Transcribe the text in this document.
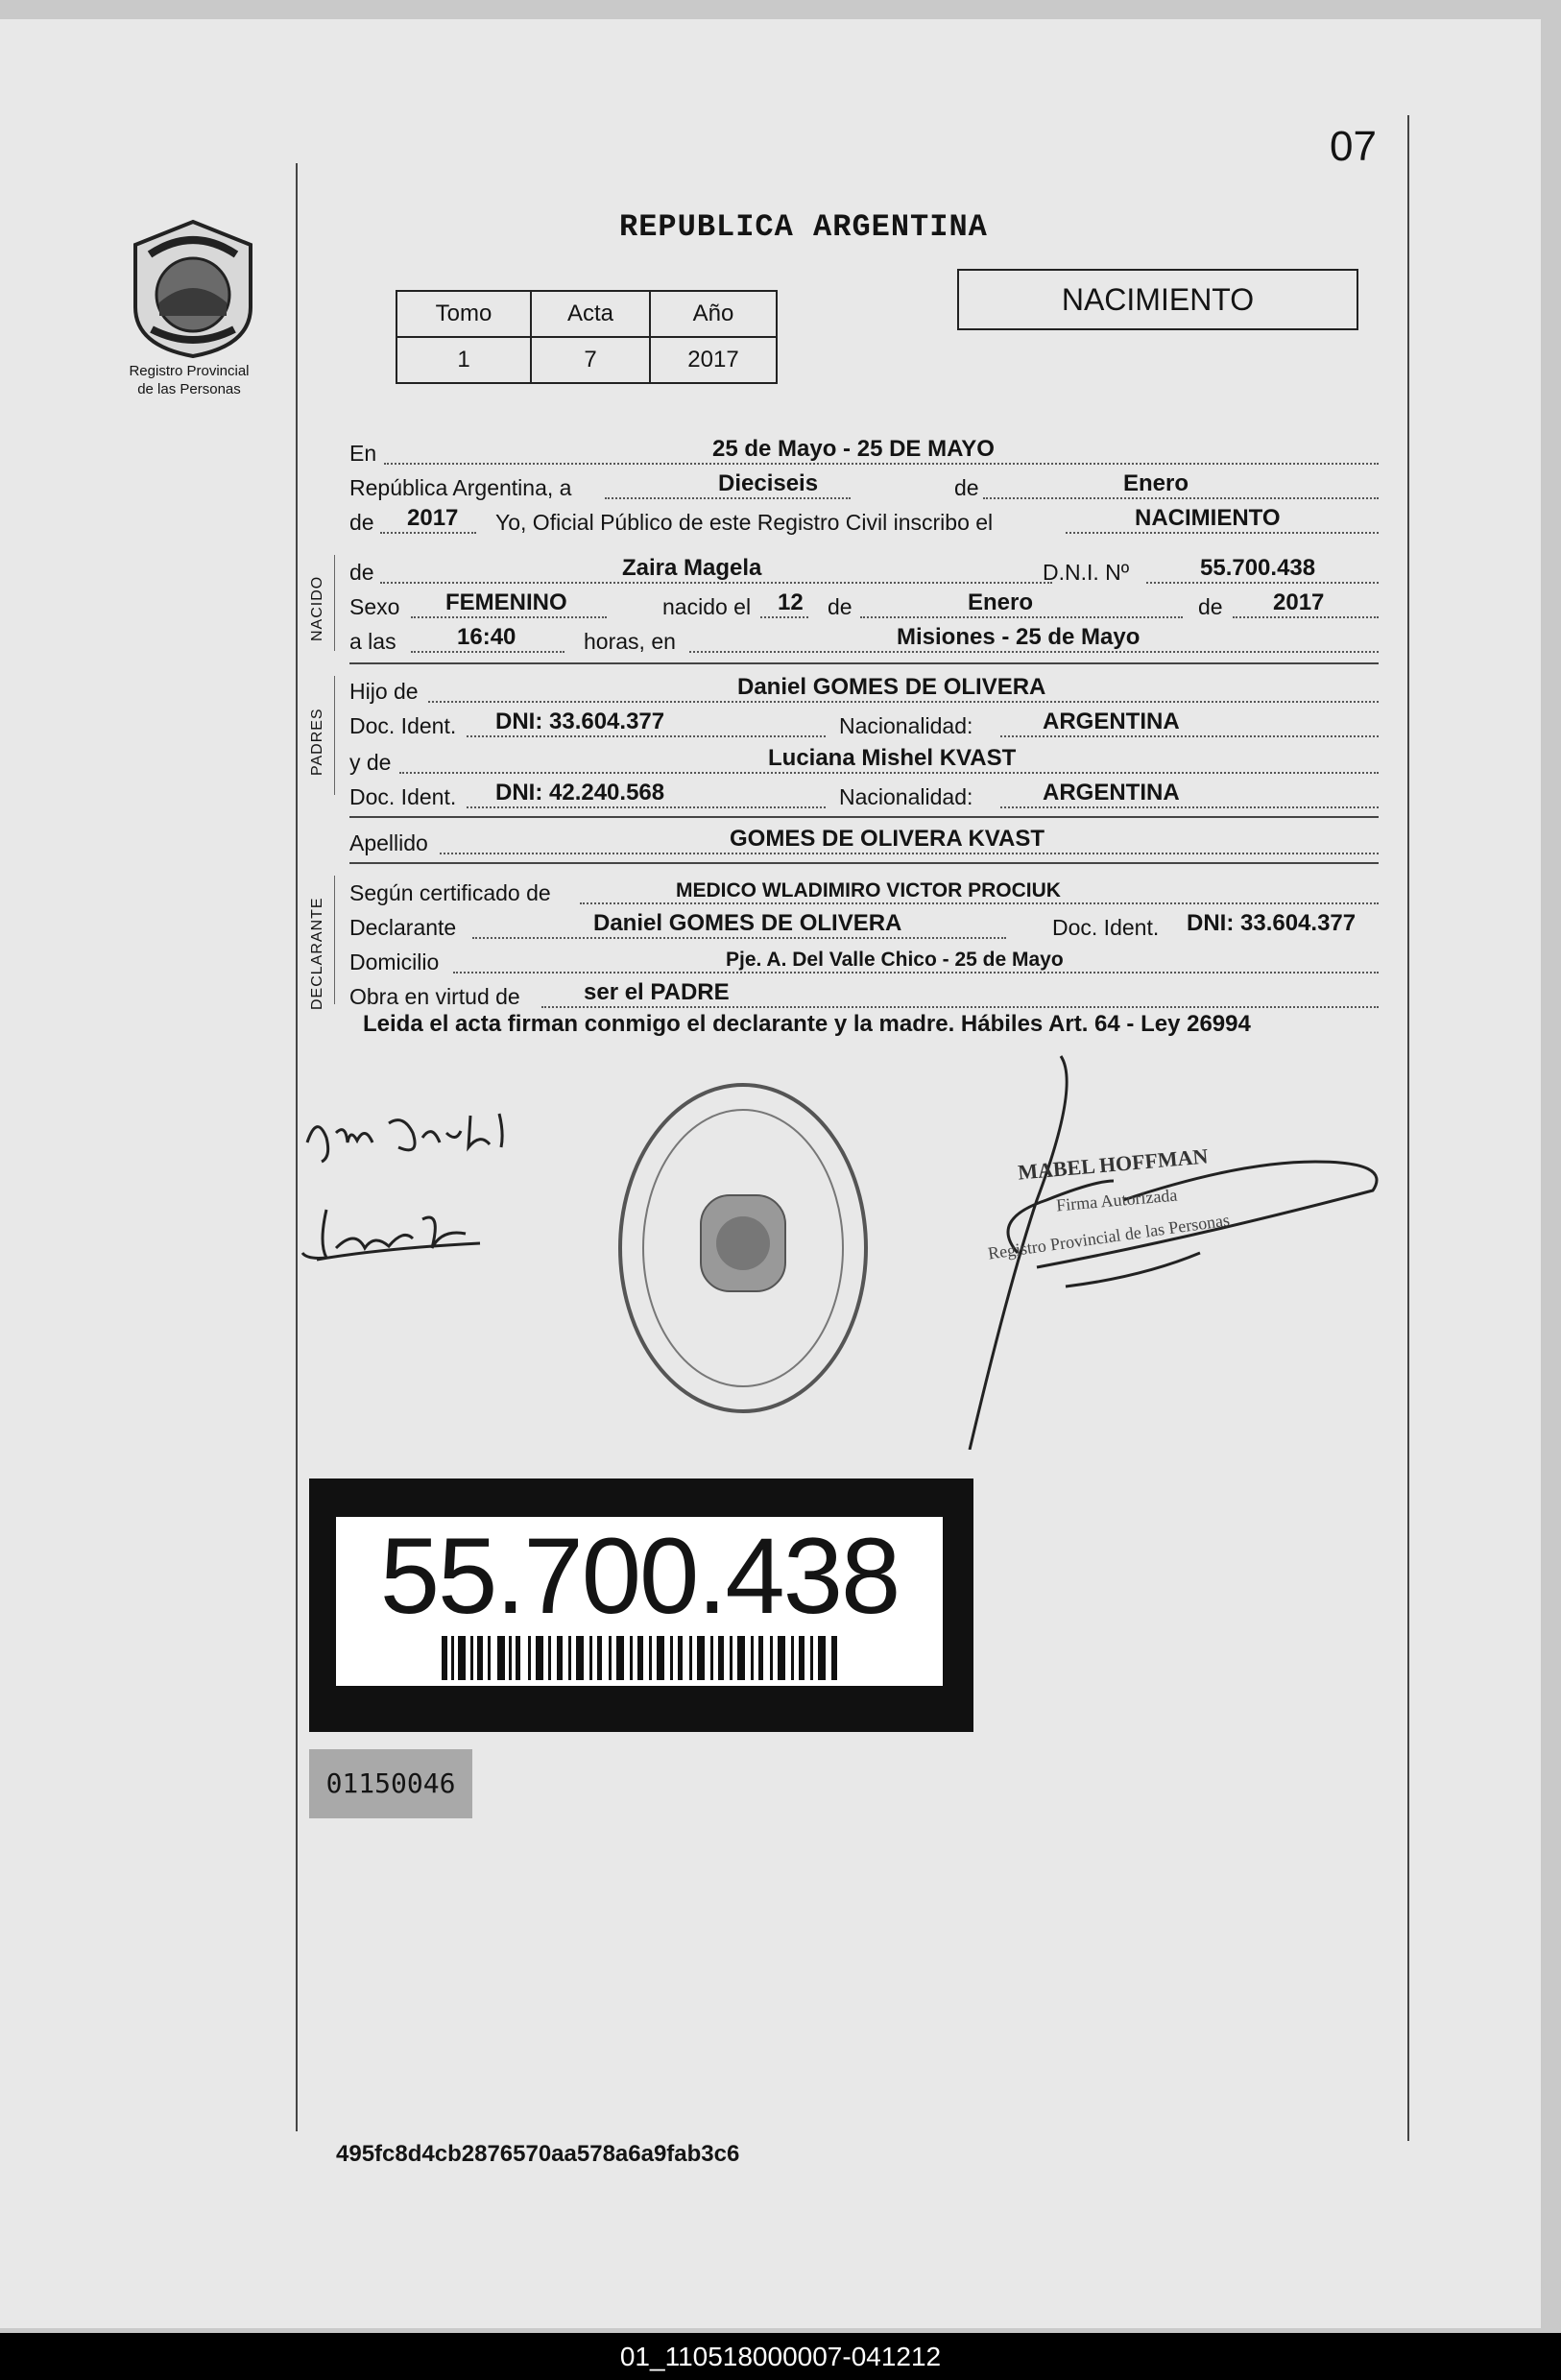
07
Registro Provincial
de las Personas
REPUBLICA ARGENTINA
Tomo	Acta	Año
1	7	2017
NACIMIENTO
En	25 de Mayo - 25 DE MAYO
República Argentina, a	Dieciseis	de	Enero
de 2017 Yo, Oficial Público de este Registro Civil inscribo el	NACIMIENTO
NACIDO
de	Zaira Magela	D.N.I. Nº	55.700.438
Sexo FEMENINO	nacido el 12 de	Enero	de 2017
a las	16:40	horas, en	Misiones - 25 de Mayo
PADRES
Hijo de	Daniel GOMES DE OLIVERA
Doc. Ident. DNI: 33.604.377	Nacionalidad:	ARGENTINA
y de	Luciana Mishel KVAST
Doc. Ident. DNI: 42.240.568	Nacionalidad:	ARGENTINA
Apellido	GOMES DE OLIVERA KVAST
DECLARANTE
Según certificado de	MEDICO WLADIMIRO VICTOR PROCIUK
Declarante	Daniel GOMES DE OLIVERA	Doc. Ident. DNI: 33.604.377
Domicilio	Pje. A. Del Valle Chico - 25 de Mayo
Obra en virtud de	ser el PADRE
Leida el acta firman conmigo el declarante y la madre. Hábiles Art. 64 - Ley 26994
MABEL HOFFMAN
Firma Autorizada
Registro Provincial de las Personas
55.700.438
01150046
495fc8d4cb2876570aa578a6a9fab3c6
01_110518000007-041212
